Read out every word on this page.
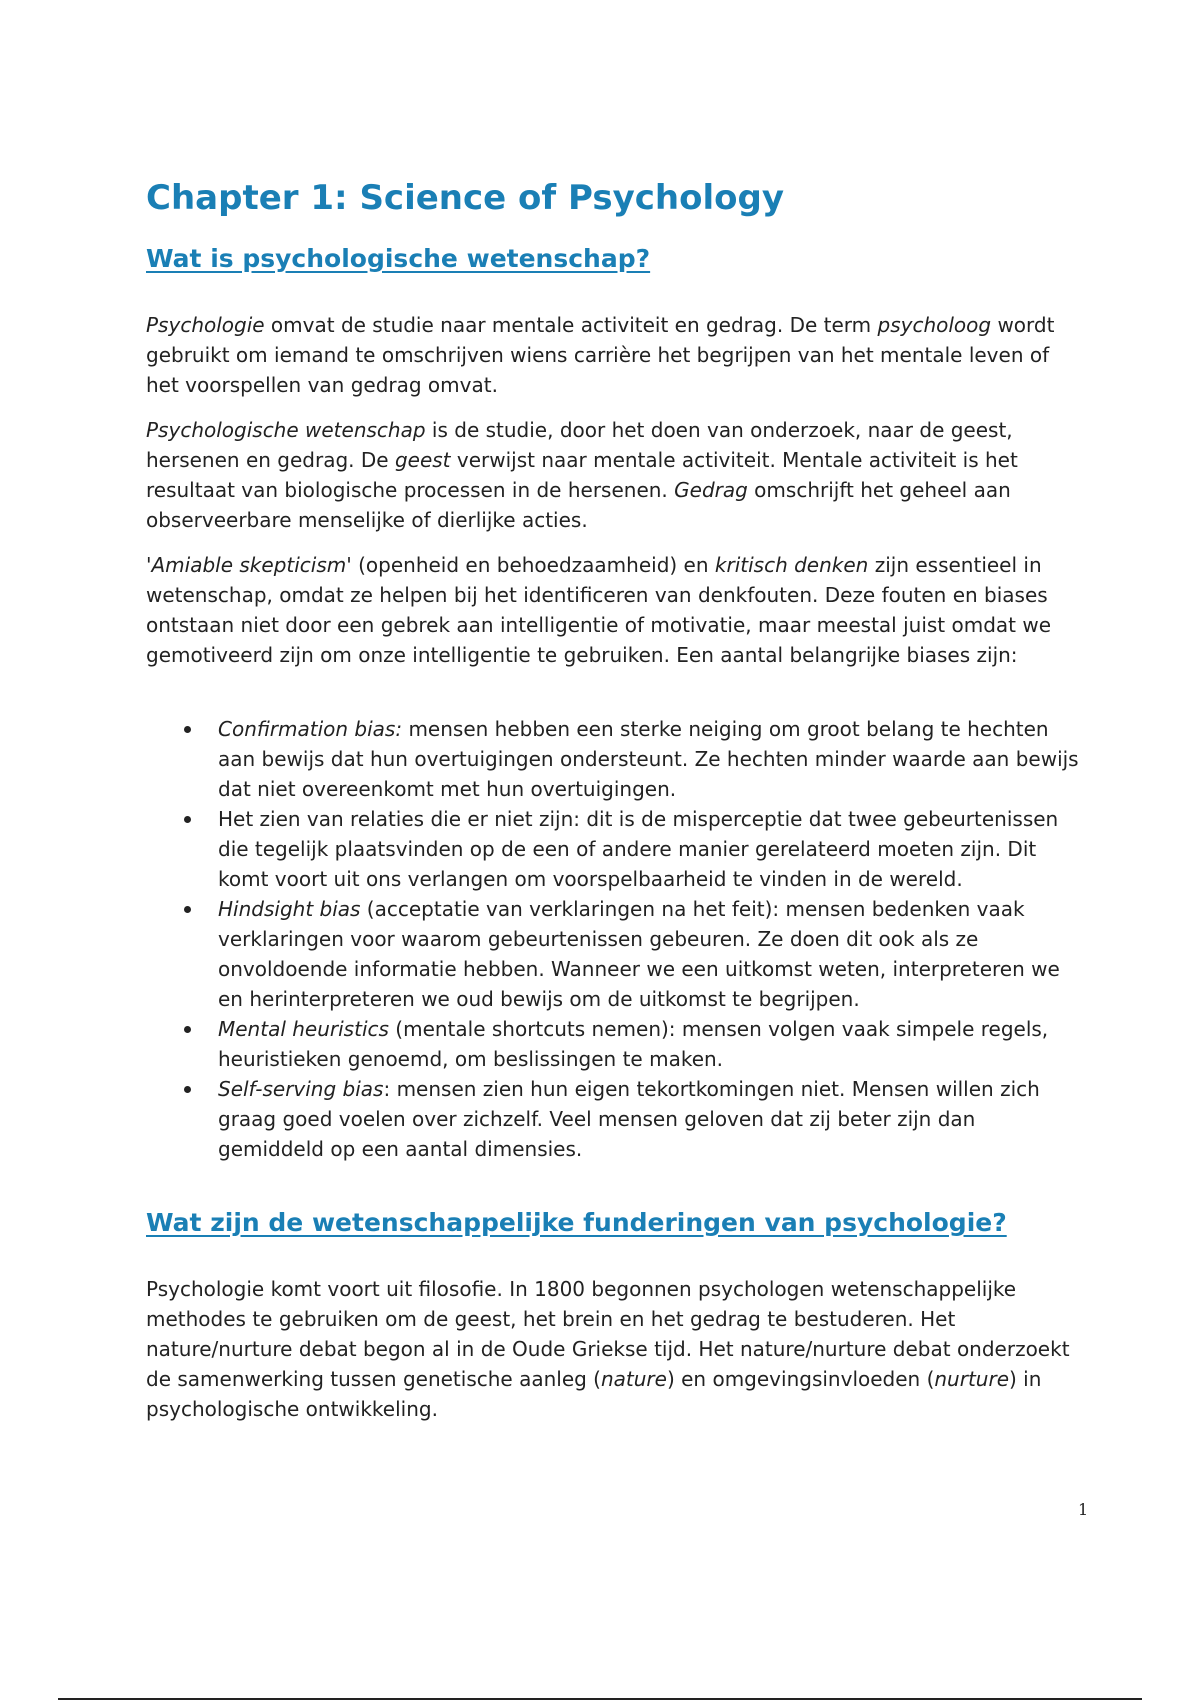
Chapter 1: Science of Psychology
Wat is psychologische wetenschap?

Psychologie omvat de studie naar mentale activiteit en gedrag. De term psycholoog wordt gebruikt om iemand te omschrijven wiens carrière het begrijpen van het mentale leven of het voorspellen van gedrag omvat.

Psychologische wetenschap is de studie, door het doen van onderzoek, naar de geest, hersenen en gedrag. De geest verwijst naar mentale activiteit. Mentale activiteit is het resultaat van biologische processen in de hersenen. Gedrag omschrijft het geheel aan observeerbare menselijke of dierlijke acties.

'Amiable skepticism' (openheid en behoedzaamheid) en kritisch denken zijn essentieel in wetenschap, omdat ze helpen bij het identificeren van denkfouten. Deze fouten en biases ontstaan niet door een gebrek aan intelligentie of motivatie, maar meestal juist omdat we gemotiveerd zijn om onze intelligentie te gebruiken. Een aantal belangrijke biases zijn:

Confirmation bias: mensen hebben een sterke neiging om groot belang te hechten aan bewijs dat hun overtuigingen ondersteunt. Ze hechten minder waarde aan bewijs dat niet overeenkomt met hun overtuigingen.
Het zien van relaties die er niet zijn: dit is de misperceptie dat twee gebeurtenissen die tegelijk plaatsvinden op de een of andere manier gerelateerd moeten zijn. Dit komt voort uit ons verlangen om voorspelbaarheid te vinden in de wereld.
Hindsight bias (acceptatie van verklaringen na het feit): mensen bedenken vaak verklaringen voor waarom gebeurtenissen gebeuren. Ze doen dit ook als ze onvoldoende informatie hebben. Wanneer we een uitkomst weten, interpreteren we en herinterpreteren we oud bewijs om de uitkomst te begrijpen.
Mental heuristics (mentale shortcuts nemen): mensen volgen vaak simpele regels, heuristieken genoemd, om beslissingen te maken.
Self-serving bias: mensen zien hun eigen tekortkomingen niet. Mensen willen zich graag goed voelen over zichzelf. Veel mensen geloven dat zij beter zijn dan gemiddeld op een aantal dimensies.
Wat zijn de wetenschappelijke funderingen van psychologie?

Psychologie komt voort uit filosofie. In 1800 begonnen psychologen wetenschappelijke methodes te gebruiken om de geest, het brein en het gedrag te bestuderen. Het nature/nurture debat begon al in de Oude Griekse tijd. Het nature/nurture debat onderzoekt de samenwerking tussen genetische aanleg (nature) en omgevingsinvloeden (nurture) in psychologische ontwikkeling.

1
